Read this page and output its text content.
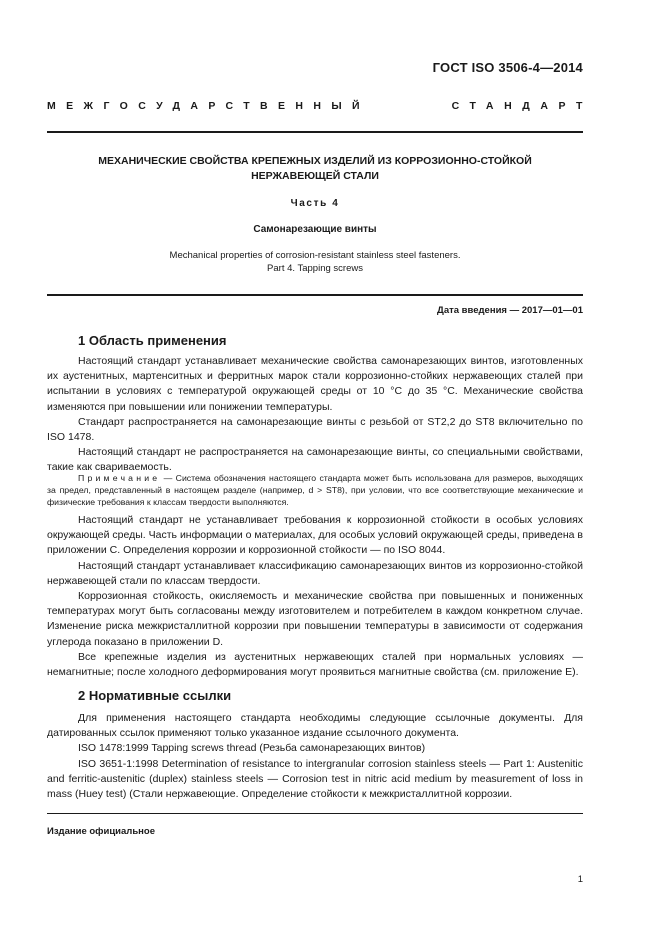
ГОСТ ISO 3506-4—2014
МЕЖГОСУДАРСТВЕННЫЙ	СТАНДАРТ
МЕХАНИЧЕСКИЕ СВОЙСТВА КРЕПЕЖНЫХ ИЗДЕЛИЙ ИЗ КОРРОЗИОННО-СТОЙКОЙ
НЕРЖАВЕЮЩЕЙ СТАЛИ
Часть 4
Самонарезающие винты
Mechanical properties of corrosion-resistant stainless steel fasteners.
Part 4. Tapping screws
Дата введения — 2017—01—01
1 Область применения

Настоящий стандарт устанавливает механические свойства самонарезающих винтов, изготовленных их аустенитных, мартенситных и ферритных марок стали коррозионно-стойких нержавеющих сталей при испытании в условиях с температурой окружающей среды от 10 °С до 35 °С. Механические свойства изменяются при повышении или понижении температуры.

Стандарт распространяется на самонарезающие винты с резьбой от ST2,2 до ST8 включительно по ISO 1478.

Настоящий стандарт не распространяется на самонарезающие винты, со специальными свойствами, такие как свариваемость.

Примечание — Система обозначения настоящего стандарта может быть использована для размеров, выходящих за предел, представленный в настоящем разделе (например, d > ST8), при условии, что все соответствующие механические и физические требования к классам твердости выполняются.

Настоящий стандарт не устанавливает требования к коррозионной стойкости в особых условиях окружающей среды. Часть информации о материалах, для особых условий окружающей среды, приведена в приложении С. Определения коррозии и коррозионной стойкости — по ISO 8044.

Настоящий стандарт устанавливает классификацию самонарезающих винтов из коррозионно-стойкой нержавеющей стали по классам твердости.

Коррозионная стойкость, окисляемость и механические свойства при повышенных и пониженных температурах могут быть согласованы между изготовителем и потребителем в каждом конкретном случае. Изменение риска межкристаллитной коррозии при повышении температуры в зависимости от содержания углерода показано в приложении D.

Все крепежные изделия из аустенитных нержавеющих сталей при нормальных условиях — немагнитные; после холодного деформирования могут проявиться магнитные свойства (см. приложение Е).

2 Нормативные ссылки

Для применения настоящего стандарта необходимы следующие ссылочные документы. Для датированных ссылок применяют только указанное издание ссылочного документа.

ISO 1478:1999 Tapping screws thread (Резьба самонарезающих винтов)

ISO 3651-1:1998 Determination of resistance to intergranular corrosion stainless steels — Part 1: Austenitic and ferritic-austenitic (duplex) stainless steels — Corrosion test in nitric acid medium by measurement of loss in mass (Huey test) (Стали нержавеющие. Определение стойкости к межкристаллитной коррозии.

Издание официальное
1
